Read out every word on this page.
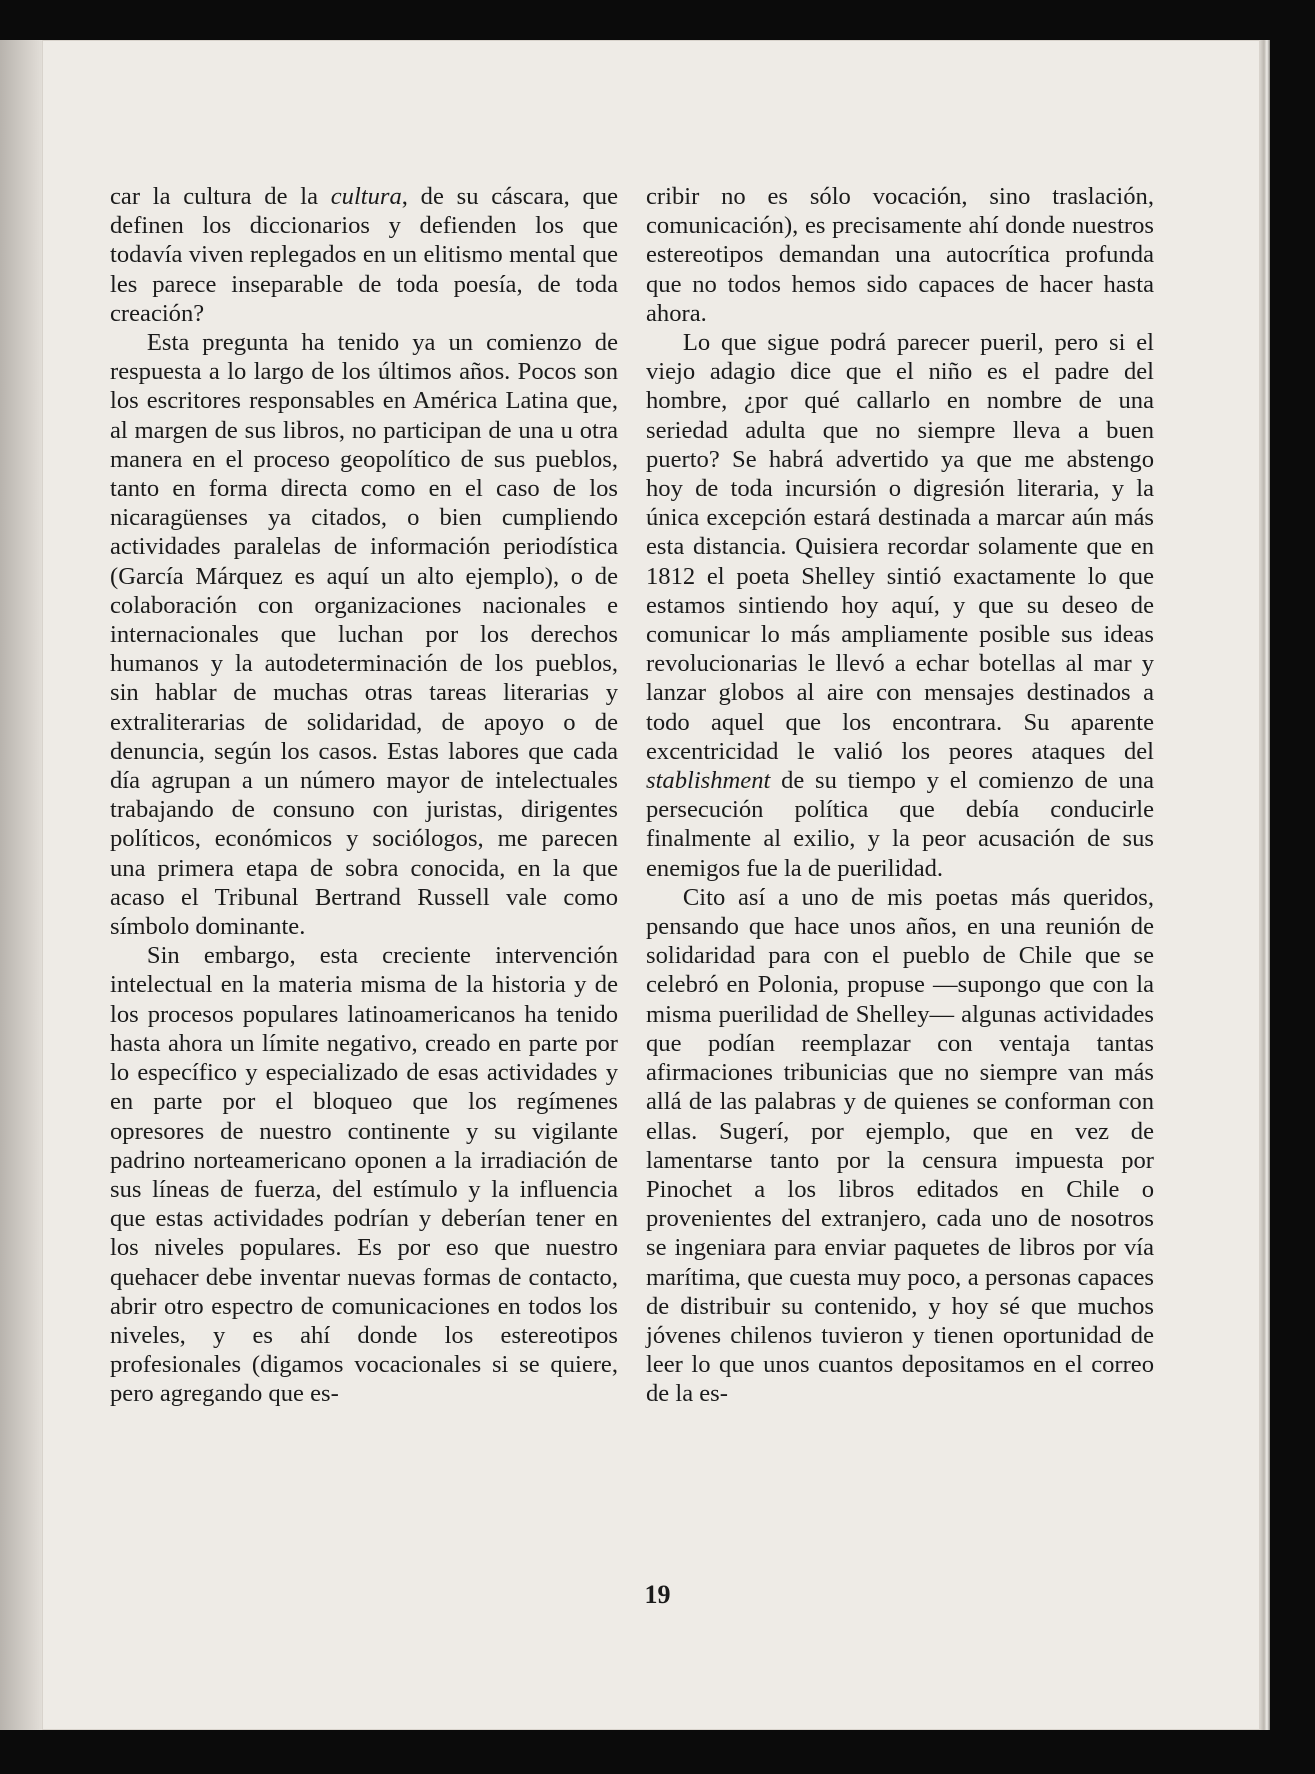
car la cultura de la cultura, de su cáscara, que definen los diccionarios y defienden los que todavía viven replegados en un elitismo mental que les parece inseparable de toda poesía, de toda creación?

Esta pregunta ha tenido ya un comienzo de respuesta a lo largo de los últimos años. Pocos son los escritores responsables en América Latina que, al margen de sus libros, no participan de una u otra manera en el proceso geopolítico de sus pueblos, tanto en forma directa como en el caso de los nicaragüenses ya citados, o bien cumpliendo actividades paralelas de información periodística (García Márquez es aquí un alto ejemplo), o de colaboración con organizaciones nacionales e internacionales que luchan por los derechos humanos y la autodeterminación de los pueblos, sin hablar de muchas otras tareas literarias y extraliterarias de solidaridad, de apoyo o de denuncia, según los casos. Estas labores que cada día agrupan a un número mayor de intelectuales trabajando de consuno con juristas, dirigentes políticos, económicos y sociólogos, me parecen una primera etapa de sobra conocida, en la que acaso el Tribunal Bertrand Russell vale como símbolo dominante.

Sin embargo, esta creciente intervención intelectual en la materia misma de la historia y de los procesos populares latinoamericanos ha tenido hasta ahora un límite negativo, creado en parte por lo específico y especializado de esas actividades y en parte por el bloqueo que los regímenes opresores de nuestro continente y su vigilante padrino norteamericano oponen a la irradiación de sus líneas de fuerza, del estímulo y la influencia que estas actividades podrían y deberían tener en los niveles populares. Es por eso que nuestro quehacer debe inventar nuevas formas de contacto, abrir otro espectro de comunicaciones en todos los niveles, y es ahí donde los estereotipos profesionales (digamos vocacionales si se quiere, pero agregando que es-

cribir no es sólo vocación, sino traslación, comunicación), es precisamente ahí donde nuestros estereotipos demandan una autocrítica profunda que no todos hemos sido capaces de hacer hasta ahora.

Lo que sigue podrá parecer pueril, pero si el viejo adagio dice que el niño es el padre del hombre, ¿por qué callarlo en nombre de una seriedad adulta que no siempre lleva a buen puerto? Se habrá advertido ya que me abstengo hoy de toda incursión o digresión literaria, y la única excepción estará destinada a marcar aún más esta distancia. Quisiera recordar solamente que en 1812 el poeta Shelley sintió exactamente lo que estamos sintiendo hoy aquí, y que su deseo de comunicar lo más ampliamente posible sus ideas revolucionarias le llevó a echar botellas al mar y lanzar globos al aire con mensajes destinados a todo aquel que los encontrara. Su aparente excentricidad le valió los peores ataques del stablishment de su tiempo y el comienzo de una persecución política que debía conducirle finalmente al exilio, y la peor acusación de sus enemigos fue la de puerilidad.

Cito así a uno de mis poetas más queridos, pensando que hace unos años, en una reunión de solidaridad para con el pueblo de Chile que se celebró en Polonia, propuse —supongo que con la misma puerilidad de Shelley— algunas actividades que podían reemplazar con ventaja tantas afirmaciones tribunicias que no siempre van más allá de las palabras y de quienes se conforman con ellas. Sugerí, por ejemplo, que en vez de lamentarse tanto por la censura impuesta por Pinochet a los libros editados en Chile o provenientes del extranjero, cada uno de nosotros se ingeniara para enviar paquetes de libros por vía marítima, que cuesta muy poco, a personas capaces de distribuir su contenido, y hoy sé que muchos jóvenes chilenos tuvieron y tienen oportunidad de leer lo que unos cuantos depositamos en el correo de la es-

19
